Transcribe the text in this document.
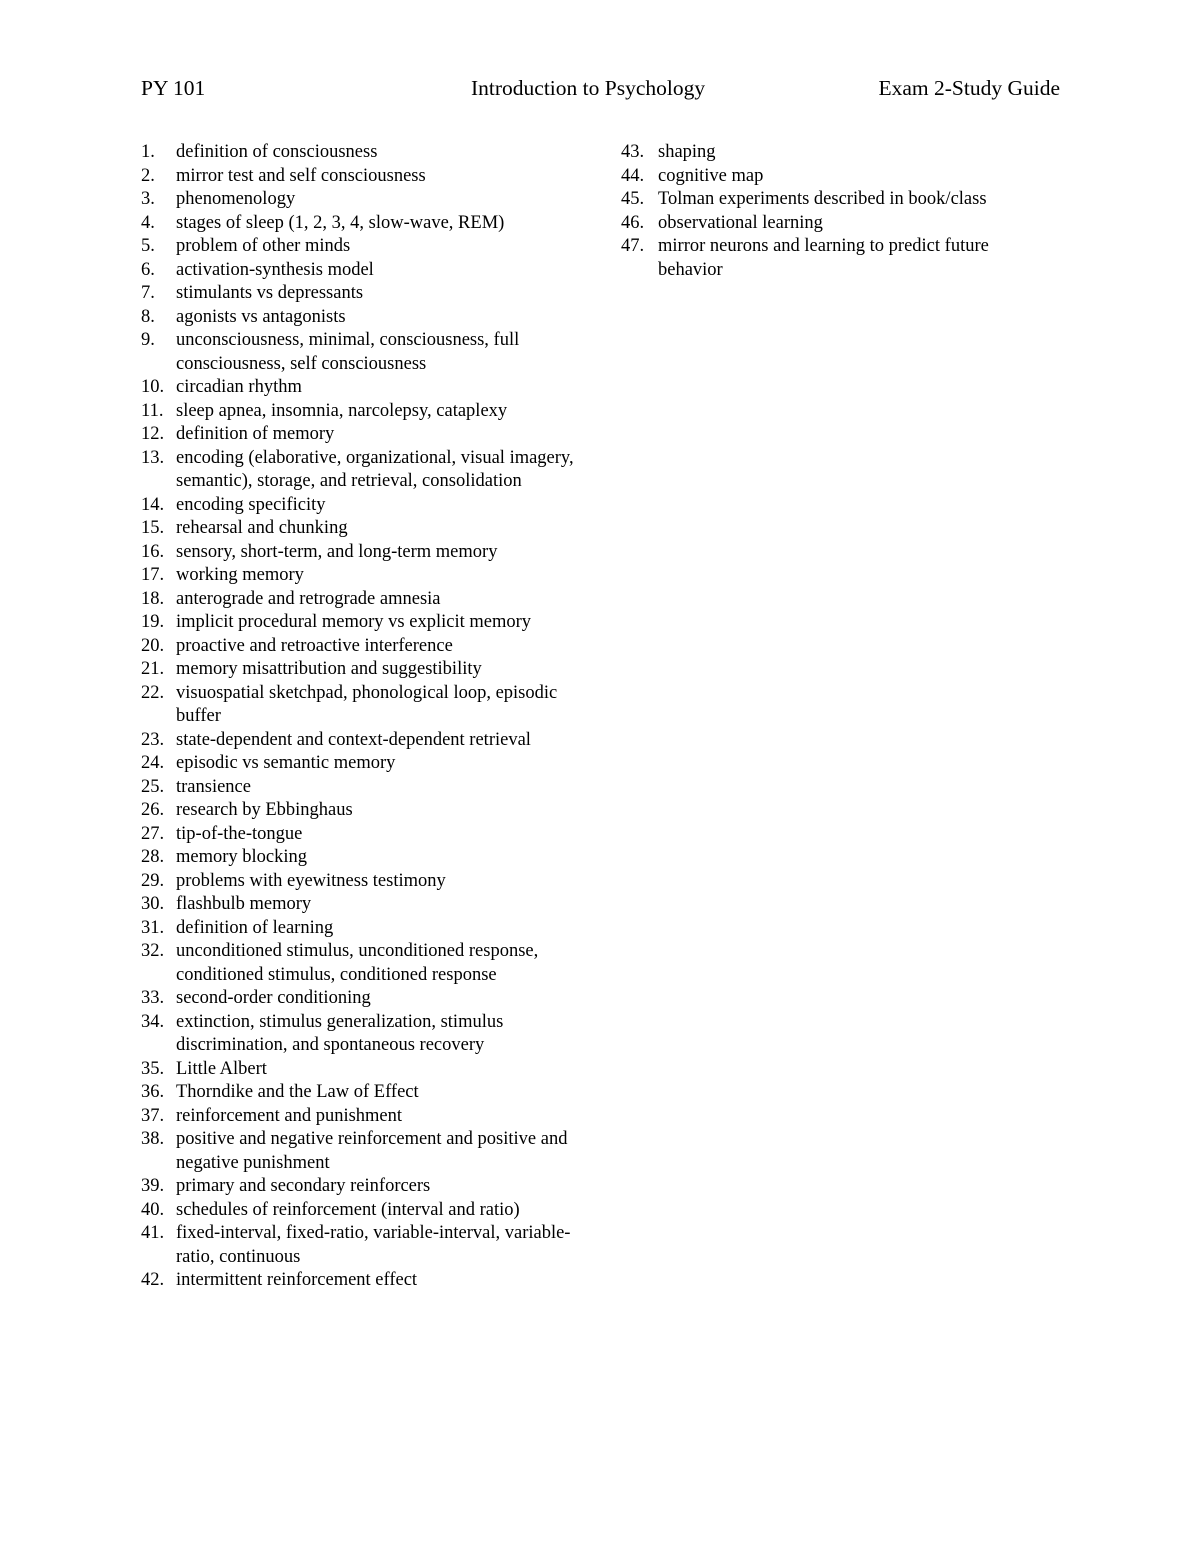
PY 101	Introduction to Psychology	Exam 2-Study Guide
1.	definition of consciousness
2.	mirror test and self consciousness
3.	phenomenology
4.	stages of sleep (1, 2, 3, 4, slow-wave, REM)
5.	problem of other minds
6.	activation-synthesis model
7.	stimulants vs depressants
8.	agonists vs antagonists
9.	unconsciousness, minimal, consciousness, full consciousness, self consciousness
10. circadian rhythm
11. sleep apnea, insomnia, narcolepsy, cataplexy
12. definition of memory
13. encoding (elaborative, organizational, visual imagery, semantic), storage, and retrieval, consolidation
14. encoding specificity
15. rehearsal and chunking
16. sensory, short-term, and long-term memory
17. working memory
18. anterograde and retrograde amnesia
19. implicit procedural memory vs explicit memory
20. proactive and retroactive interference
21. memory misattribution and suggestibility
22. visuospatial sketchpad, phonological loop, episodic buffer
23. state-dependent and context-dependent retrieval
24. episodic vs semantic memory
25. transience
26. research by Ebbinghaus
27. tip-of-the-tongue
28. memory blocking
29. problems with eyewitness testimony
30. flashbulb memory
31. definition of learning
32. unconditioned stimulus, unconditioned response, conditioned stimulus, conditioned response
33. second-order conditioning
34. extinction, stimulus generalization, stimulus discrimination, and spontaneous recovery
35. Little Albert
36. Thorndike and the Law of Effect
37. reinforcement and punishment
38. positive and negative reinforcement and positive and negative punishment
39. primary and secondary reinforcers
40. schedules of reinforcement (interval and ratio)
41. fixed-interval, fixed-ratio, variable-interval, variable-ratio, continuous
42. intermittent reinforcement effect
43. shaping
44. cognitive map
45. Tolman experiments described in book/class
46. observational learning
47. mirror neurons and learning to predict future behavior
